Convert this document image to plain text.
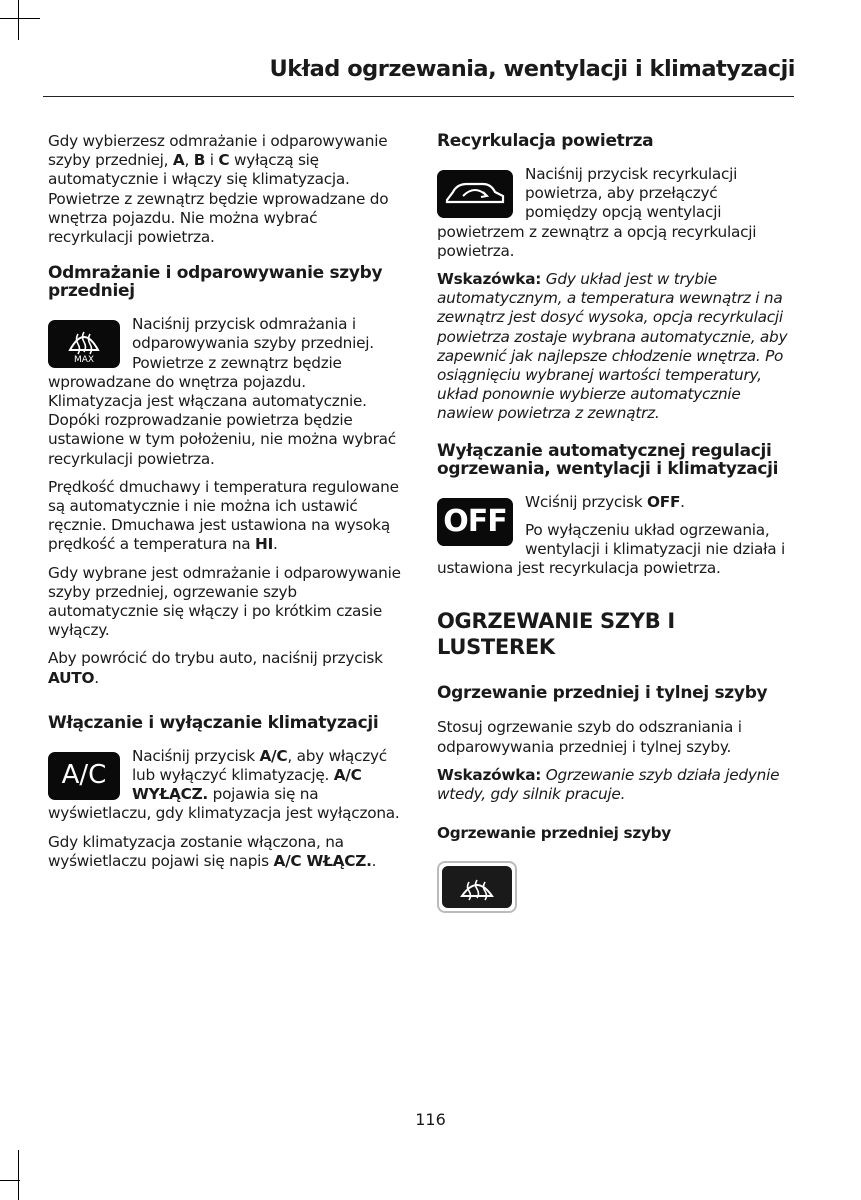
Układ ogrzewania, wentylacji i klimatyzacji

Gdy wybierzesz odmrażanie i odparowywanie szyby przedniej, A, B i C wyłączą się automatycznie i włączy się klimatyzacja. Powietrze z zewnątrz będzie wprowadzane do wnętrza pojazdu. Nie można wybrać recyrkulacji powietrza.

Odmrażanie i odparowywanie szyby przedniej
MAX

Naciśnij przycisk odmrażania i odparowywania szyby przedniej. Powietrze z zewnątrz będzie wprowadzane do wnętrza pojazdu. Klimatyzacja jest włączana automatycznie. Dopóki rozprowadzanie powietrza będzie ustawione w tym położeniu, nie można wybrać recyrkulacji powietrza.

Prędkość dmuchawy i temperatura regulowane są automatycznie i nie można ich ustawić ręcznie. Dmuchawa jest ustawiona na wysoką prędkość a temperatura na HI.

Gdy wybrane jest odmrażanie i odparowywanie szyby przedniej, ogrzewanie szyb automatycznie się włączy i po krótkim czasie wyłączy.

Aby powrócić do trybu auto, naciśnij przycisk AUTO.

Włączanie i wyłączanie klimatyzacji
A/C

Naciśnij przycisk A/C, aby włączyć lub wyłączyć klimatyzację. A/C WYŁĄCZ. pojawia się na wyświetlaczu, gdy klimatyzacja jest wyłączona.

Gdy klimatyzacja zostanie włączona, na wyświetlaczu pojawi się napis A/C WŁĄCZ..

Recyrkulacja powietrza

Naciśnij przycisk recyrkulacji powietrza, aby przełączyć pomiędzy opcją wentylacji powietrzem z zewnątrz a opcją recyrkulacji powietrza.

Wskazówka: Gdy układ jest w trybie automatycznym, a temperatura wewnątrz i na zewnątrz jest dosyć wysoka, opcja recyrkulacji powietrza zostaje wybrana automatycznie, aby zapewnić jak najlepsze chłodzenie wnętrza. Po osiągnięciu wybranej wartości temperatury, układ ponownie wybierze automatycznie nawiew powietrza z zewnątrz.

Wyłączanie automatycznej regulacji ogrzewania, wentylacji i klimatyzacji
OFF

Wciśnij przycisk OFF.

Po wyłączeniu układ ogrzewania, wentylacji i klimatyzacji nie działa i ustawiona jest recyrkulacja powietrza.

OGRZEWANIE SZYB I LUSTEREK
Ogrzewanie przedniej i tylnej szyby

Stosuj ogrzewanie szyb do odszraniania i odparowywania przedniej i tylnej szyby.

Wskazówka: Ogrzewanie szyb działa jedynie wtedy, gdy silnik pracuje.

Ogrzewanie przedniej szyby
116
